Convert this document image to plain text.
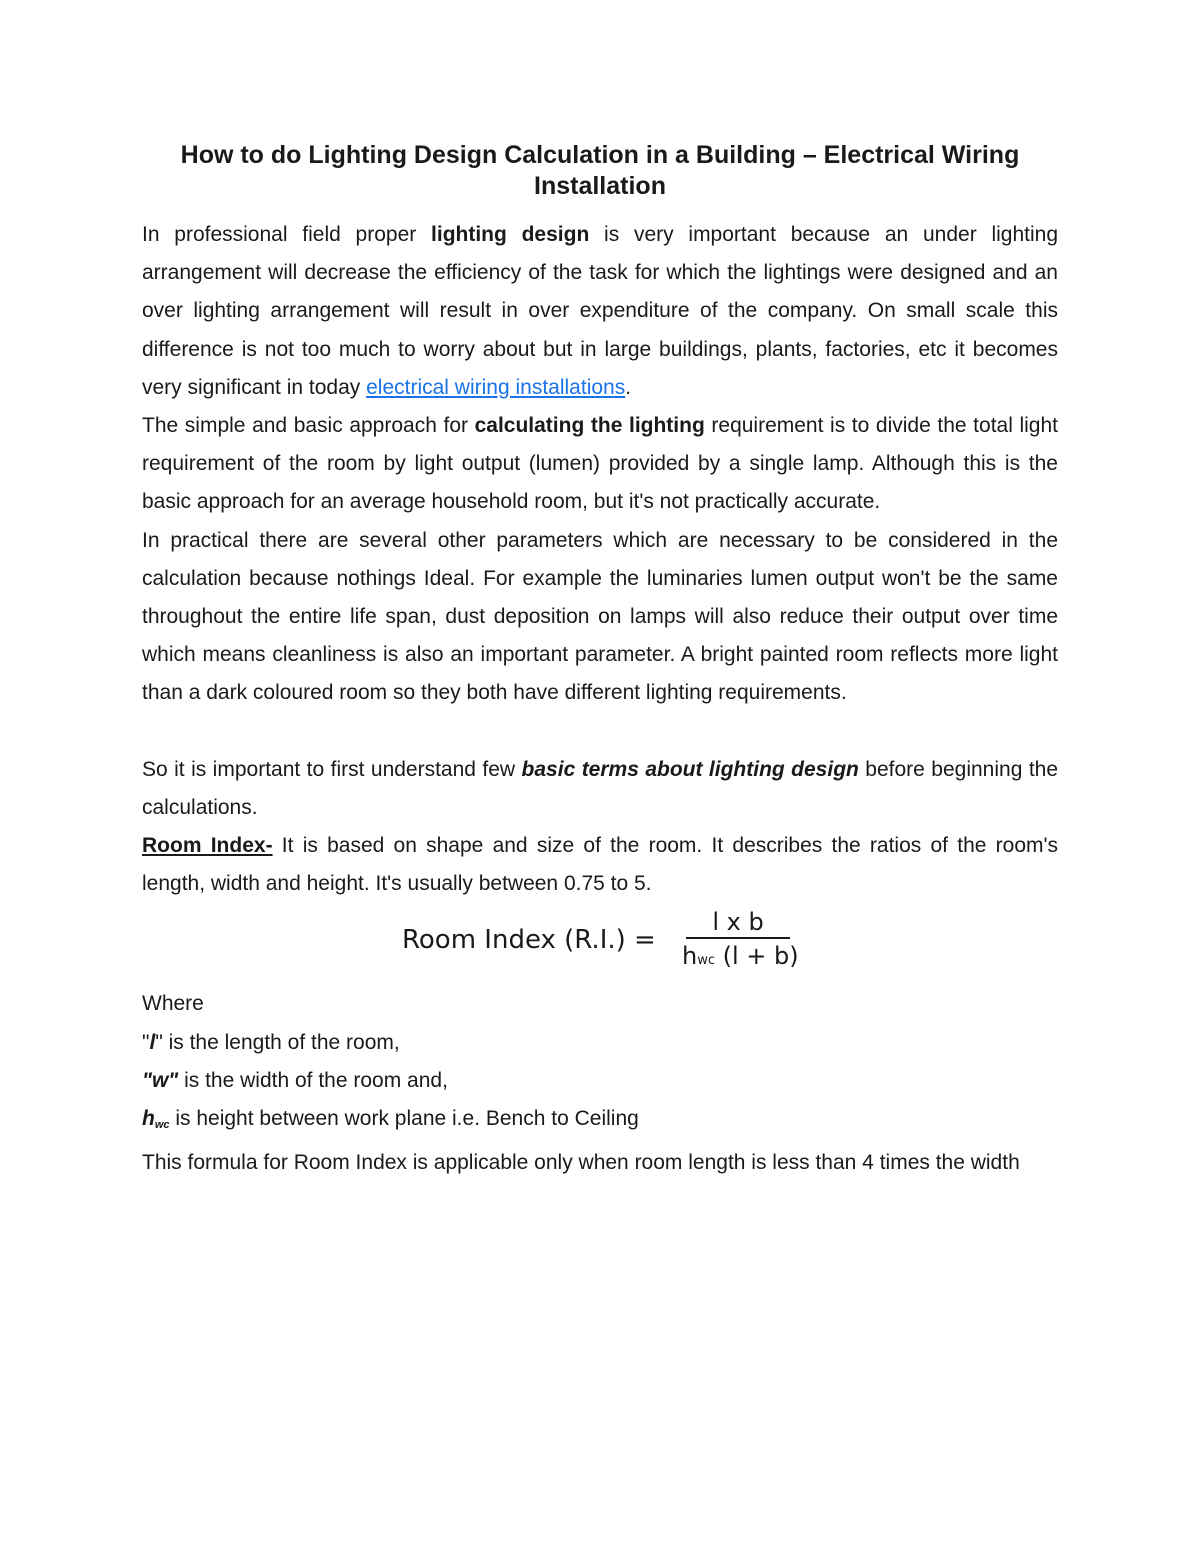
How to do Lighting Design Calculation in a Building – Electrical Wiring Installation

In professional field proper lighting design is very important because an under lighting arrangement will decrease the efficiency of the task for which the lightings were designed and an over lighting arrangement will result in over expenditure of the company. On small scale this difference is not too much to worry about but in large buildings, plants, factories, etc it becomes very significant in today electrical wiring installations.

The simple and basic approach for calculating the lighting requirement is to divide the total light requirement of the room by light output (lumen) provided by a single lamp. Although this is the basic approach for an average household room, but it's not practically accurate.

In practical there are several other parameters which are necessary to be considered in the calculation because nothings Ideal. For example the luminaries lumen output won't be the same throughout the entire life span, dust deposition on lamps will also reduce their output over time which means cleanliness is also an important parameter. A bright painted room reflects more light than a dark coloured room so they both have different lighting requirements.

So it is important to first understand few basic terms about lighting design before beginning the calculations.

Room Index- It is based on shape and size of the room. It describes the ratios of the room's length, width and height. It's usually between 0.75 to 5.

Room Index (R.I.) =
l x b
hwc (l + b)

Where

"l" is the length of the room,

"w" is the width of the room and,

hwc is height between work plane i.e. Bench to Ceiling

This formula for Room Index is applicable only when room length is less than 4 times the width
